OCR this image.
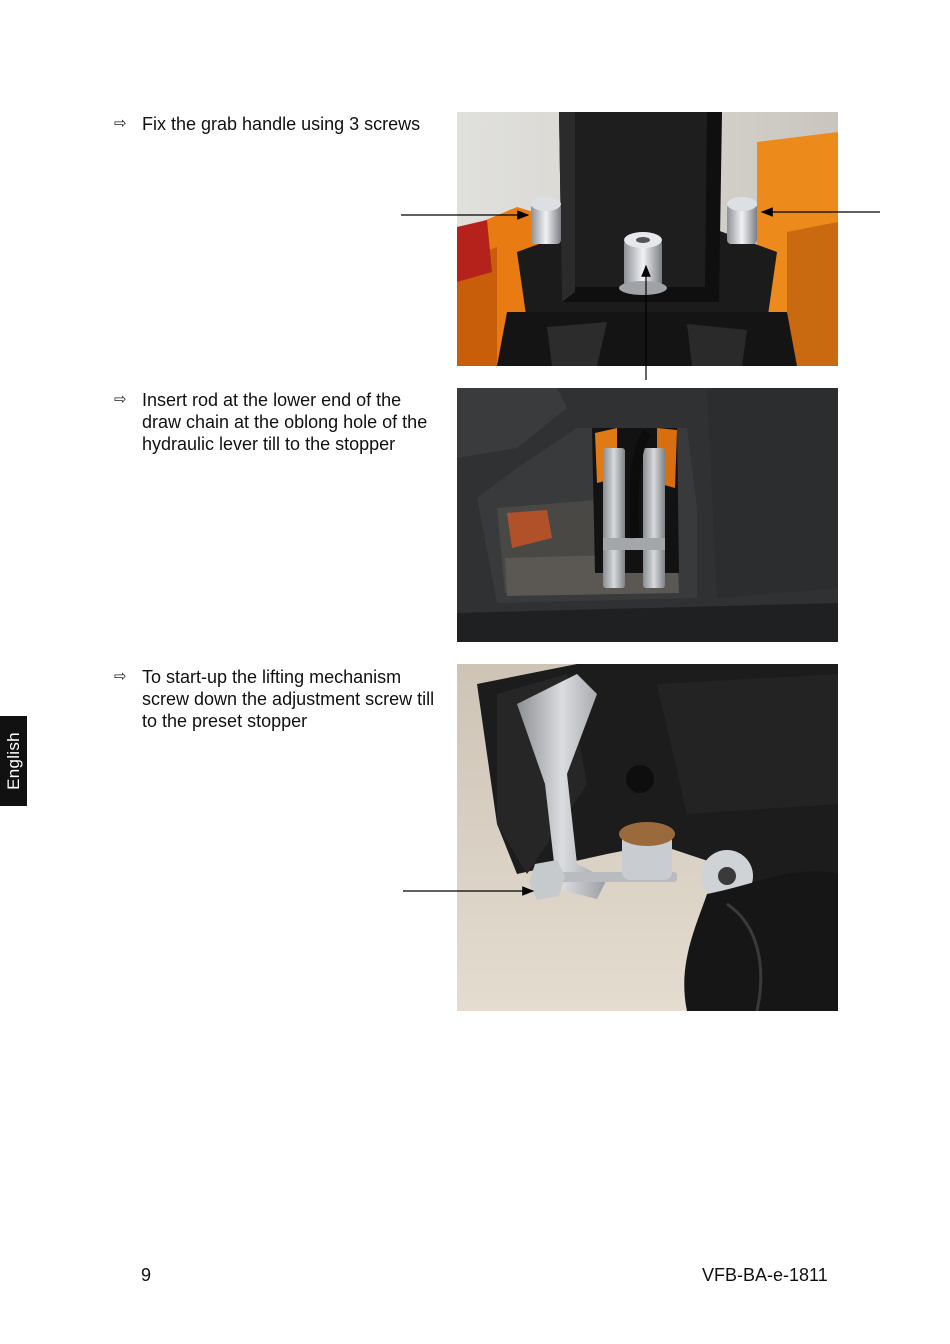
⇨ Fix the grab handle using 3 screws
⇨ Insert rod at the lower end of the draw chain at the oblong hole of the hydraulic lever till to the stopper
⇨ To start-up the lifting mechanism screw down the adjustment screw till to the preset stopper
English
9	VFB-BA-e-1811
